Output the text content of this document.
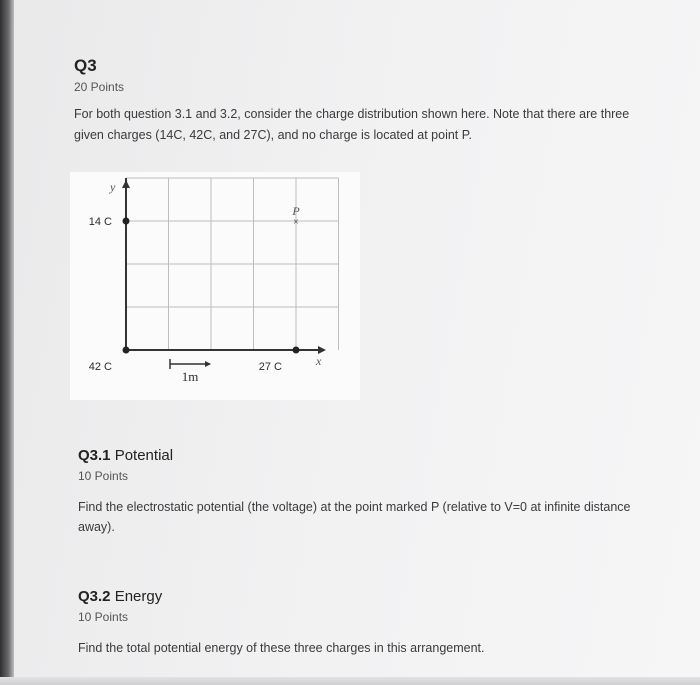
Q3
20 Points
For both question 3.1 and 3.2, consider the charge distribution shown here. Note that there are three given charges (14C, 42C, and 27C), and no charge is located at point P.
y
x
14 C
42 C	27 C
×
P
1m
Q3.1 Potential
10 Points
Find the electrostatic potential (the voltage) at the point marked P (relative to V=0 at infinite distance away).
Q3.2 Energy
10 Points
Find the total potential energy of these three charges in this arrangement.
